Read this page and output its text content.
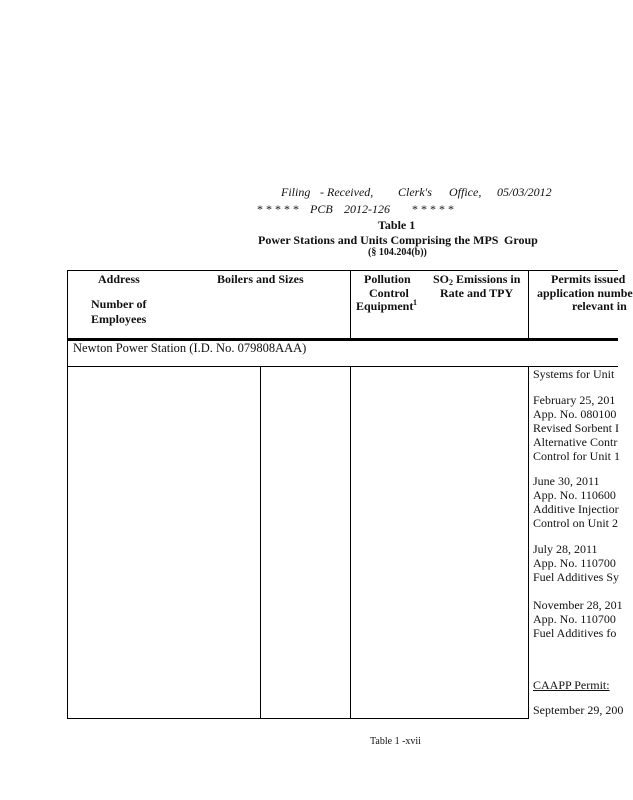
Filing - Received, Clerk's Office, 05/03/2012
* * * * * PCB 2012-126 * * * * *
Table 1
Power Stations and Units Comprising the MPS Group
(§ 104.204(b))
Address
Number of
Employees
Boilers and Sizes	Pollution
Control
Equipment 1
SO2 Emissions in
Rate and TPY
Permits issued
application numbe
relevant in
Newton Power Station (I.D. No. 079808AAA)
Systems for Unit
February 25, 201
App. No. 080100
Revised Sorbent I
Alternative Contr
Control for Unit 1
June 30, 2011
App. No. 110600
Additive Injectior
Control on Unit 2
July 28, 2011
App. No. 110700
Fuel Additives Sy
November 28, 201
App. No. 110700
Fuel Additives fo
CAAPP Permit:
September 29, 200
Table 1 -xvii
